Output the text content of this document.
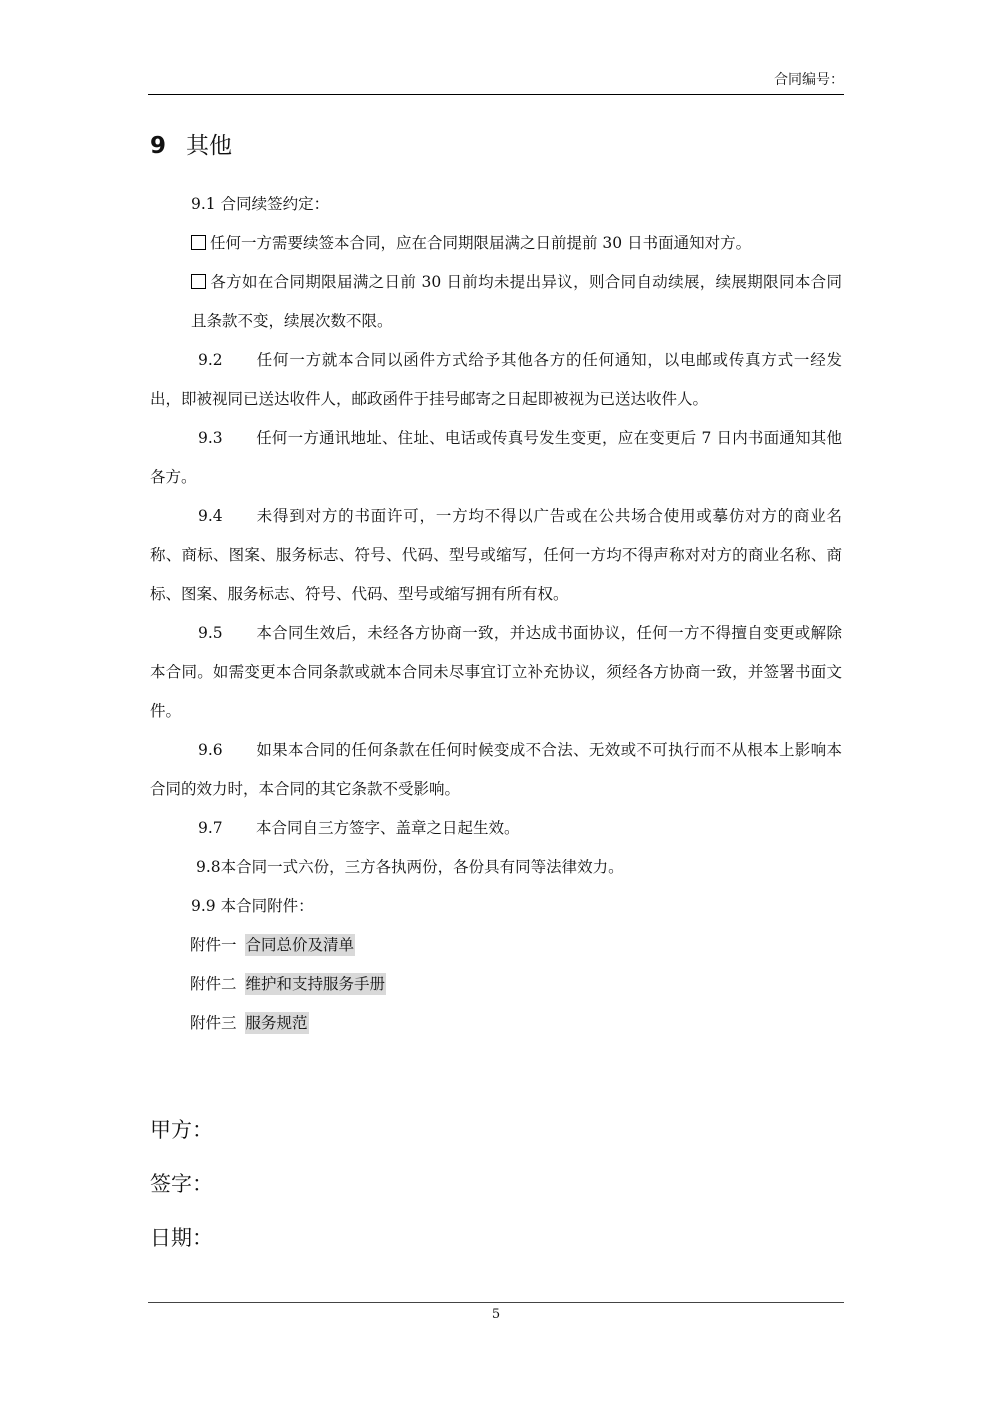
合同编号：
9 其他

9.1 合同续签约定：

任何一方需要续签本合同，应在合同期限届满之日前提前 30 日书面通知对方。

各方如在合同期限届满之日前 30 日前均未提出异议，则合同自动续展，续展期限同本合同且条款不变，续展次数不限。

9.2 任何一方就本合同以函件方式给予其他各方的任何通知，以电邮或传真方式一经发出，即被视同已送达收件人，邮政函件于挂号邮寄之日起即被视为已送达收件人。

9.3 任何一方通讯地址、住址、电话或传真号发生变更，应在变更后 7 日内书面通知其他各方。

9.4 未得到对方的书面许可，一方均不得以广告或在公共场合使用或摹仿对方的商业名称、商标、图案、服务标志、符号、代码、型号或缩写，任何一方均不得声称对对方的商业名称、商标、图案、服务标志、符号、代码、型号或缩写拥有所有权。

9.5 本合同生效后，未经各方协商一致，并达成书面协议，任何一方不得擅自变更或解除本合同。如需变更本合同条款或就本合同未尽事宜订立补充协议，须经各方协商一致，并签署书面文件。

9.6 如果本合同的任何条款在任何时候变成不合法、无效或不可执行而不从根本上影响本合同的效力时，本合同的其它条款不受影响。

9.7 本合同自三方签字、盖章之日起生效。

9.8本合同一式六份，三方各执两份，各份具有同等法律效力。

9.9 本合同附件：

附件一 合同总价及清单

附件二 维护和支持服务手册

附件三 服务规范

甲方：

签字：

日期：

5
